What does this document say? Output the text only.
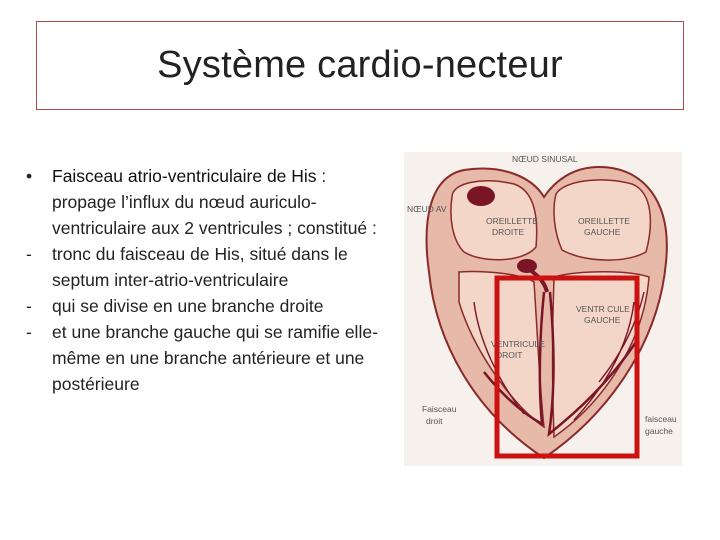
Système cardio-necteur
• Faisceau atrio-ventriculaire de His : propage l’influx du nœud auriculo-ventriculaire aux 2 ventricules ; constitué :
- tronc du faisceau de His, situé dans le septum inter-atrio-ventriculaire
- qui se divise en une branche droite
- et une branche gauche qui se ramifie elle-même en une branche antérieure et une postérieure
NŒUD SINUSAL
NŒUD AV
OREILLETTE
DROITE
OREILLETTE
GAUCHE
VENTR CULE
GAUCHE
VENTRICULE
DROIT
Faisceau
droit	faisceau
gauche
